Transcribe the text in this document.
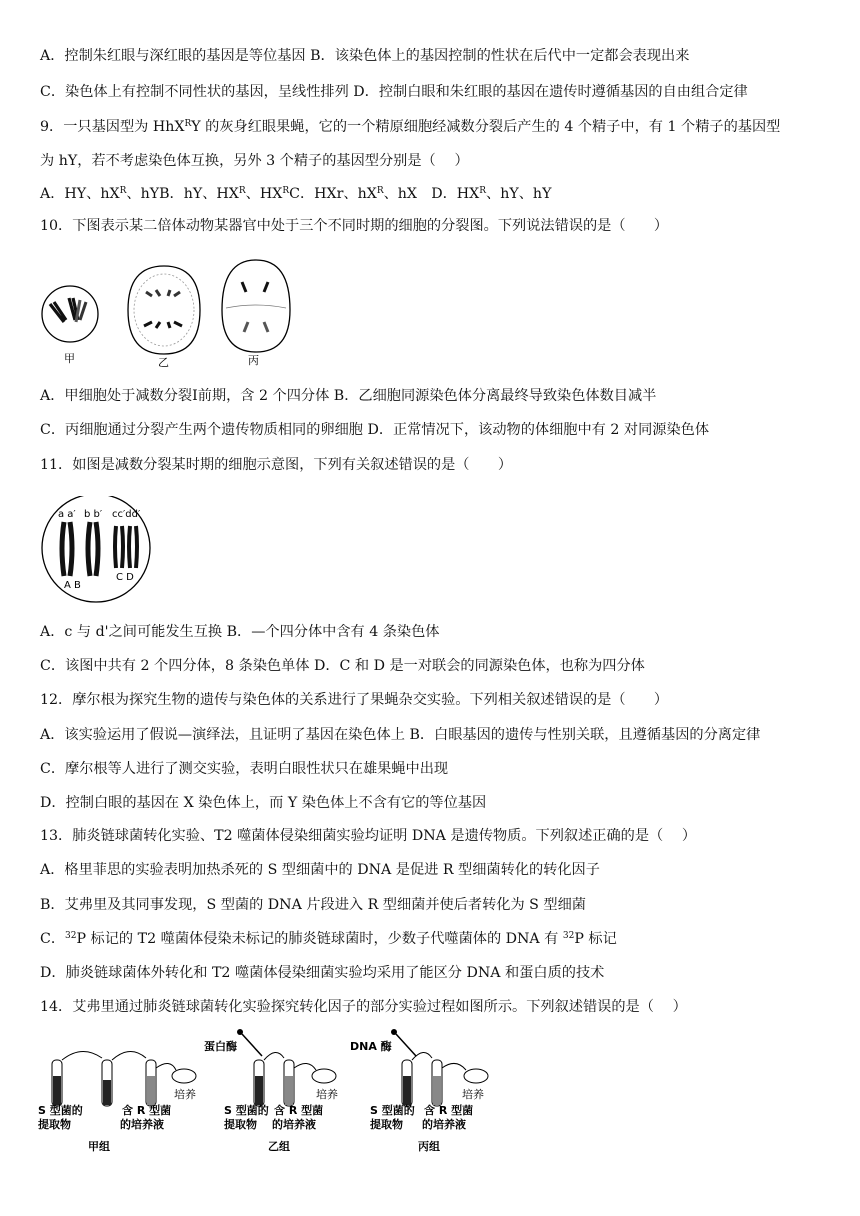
A．控制朱红眼与深红眼的基因是等位基因 B．该染色体上的基因控制的性状在后代中一定都会表现出来
C．染色体上有控制不同性状的基因，呈线性排列 D．控制白眼和朱红眼的基因在遗传时遵循基因的自由组合定律
9．一只基因型为 HhX$^R$Y 的灰身红眼果蝇，它的一个精原细胞经减数分裂后产生的 4 个精子中，有 1 个精子的基因型
为 hY，若不考虑染色体互换，另外 3 个精子的基因型分别是（　 ）
A．HY、$hX^R$、hYB．hY、$HX^R$、$HX^RC$．HXr、$hX^R$、hX　D．$HX^R$、hY、hY
10．下图表示某二倍体动物某器官中处于三个不同时期的细胞的分裂图。下列说法错误的是（　　）
甲	乙	丙
A．甲细胞处于减数分裂Ⅰ前期，含 2 个四分体 B．乙细胞同源染色体分离最终导致染色体数目减半
C．丙细胞通过分裂产生两个遗传物质相同的卵细胞 D．正常情况下，该动物的体细胞中有 2 对同源染色体
11．如图是减数分裂某时期的细胞示意图，下列有关叙述错误的是（　　）
a a′ b b′ cc′dd′
A B
C D
A．c 与 d'之间可能发生互换 B．—个四分体中含有 4 条染色体
C．该图中共有 2 个四分体，8 条染色单体 D．C 和 D 是一对联会的同源染色体，也称为四分体
12．摩尔根为探究生物的遗传与染色体的关系进行了果蝇杂交实验。下列相关叙述错误的是（　　）
A．该实验运用了假说—演绎法，且证明了基因在染色体上 B．白眼基因的遗传与性别关联，且遵循基因的分离定律
C．摩尔根等人进行了测交实验，表明白眼性状只在雄果蝇中出现
D．控制白眼的基因在 X 染色体上，而 Y 染色体上不含有它的等位基因
13．肺炎链球菌转化实验、T2 噬菌体侵染细菌实验均证明 DNA 是遗传物质。下列叙述正确的是（　 ）
A．格里菲思的实验表明加热杀死的 S 型细菌中的 DNA 是促进 R 型细菌转化的转化因子
B．艾弗里及其同事发现，S 型菌的 DNA 片段进入 R 型细菌并使后者转化为 S 型细菌
C．$^{32}$P 标记的 T2 噬菌体侵染未标记的肺炎链球菌时，少数子代噬菌体的 DNA 有 $^{32}$P 标记
D．肺炎链球菌体外转化和 T2 噬菌体侵染细菌实验均采用了能区分 DNA 和蛋白质的技术
14．艾弗里通过肺炎链球菌转化实验探究转化因子的部分实验过程如图所示。下列叙述错误的是（　 ）
培养
S 型菌的
提取物
含 R 型菌
的培养液
甲组
蛋白酶
培养
S 型菌的
提取物
含 R 型菌
的培养液
乙组
DNA 酶
培养
S 型菌的
提取物
含 R 型菌
的培养液
丙组
